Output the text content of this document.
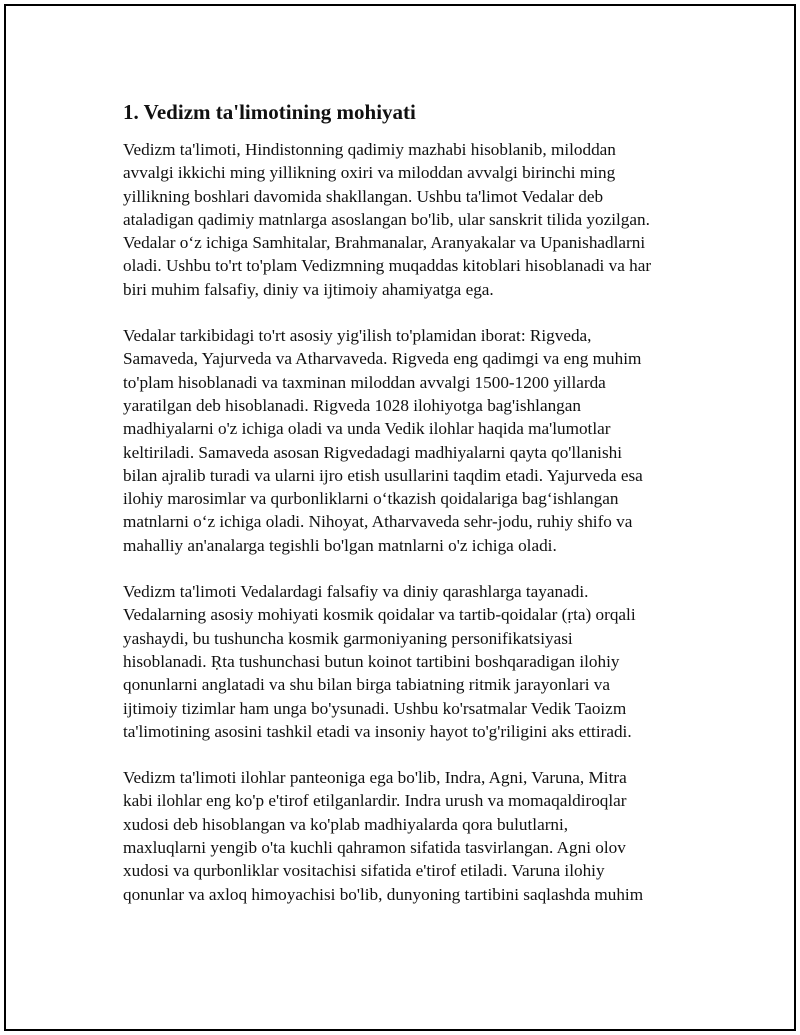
1. Vedizm ta'limotining mohiyati

Vedizm ta'limoti, Hindistonning qadimiy mazhabi hisoblanib, miloddan
avvalgi ikkichi ming yillikning oxiri va miloddan avvalgi birinchi ming
yillikning boshlari davomida shakllangan. Ushbu ta'limot Vedalar deb
ataladigan qadimiy matnlarga asoslangan bo'lib, ular sanskrit tilida yozilgan.
Vedalar o‘z ichiga Samhitalar, Brahmanalar, Aranyakalar va Upanishadlarni
oladi. Ushbu to'rt to'plam Vedizmning muqaddas kitoblari hisoblanadi va har
biri muhim falsafiy, diniy va ijtimoiy ahamiyatga ega.

Vedalar tarkibidagi to'rt asosiy yig'ilish to'plamidan iborat: Rigveda,
Samaveda, Yajurveda va Atharvaveda. Rigveda eng qadimgi va eng muhim
to'plam hisoblanadi va taxminan miloddan avvalgi 1500-1200 yillarda
yaratilgan deb hisoblanadi. Rigveda 1028 ilohiyotga bag'ishlangan
madhiyalarni o'z ichiga oladi va unda Vedik ilohlar haqida ma'lumotlar
keltiriladi. Samaveda asosan Rigvedadagi madhiyalarni qayta qo'llanishi
bilan ajralib turadi va ularni ijro etish usullarini taqdim etadi. Yajurveda esa
ilohiy marosimlar va qurbonliklarni o‘tkazish qoidalariga bag‘ishlangan
matnlarni o‘z ichiga oladi. Nihoyat, Atharvaveda sehr-jodu, ruhiy shifo va
mahalliy an'analarga tegishli bo'lgan matnlarni o'z ichiga oladi.

Vedizm ta'limoti Vedalardagi falsafiy va diniy qarashlarga tayanadi.
Vedalarning asosiy mohiyati kosmik qoidalar va tartib-qoidalar (ṛta) orqali
yashaydi, bu tushuncha kosmik garmoniyaning personifikatsiyasi
hisoblanadi. Ṛta tushunchasi butun koinot tartibini boshqaradigan ilohiy
qonunlarni anglatadi va shu bilan birga tabiatning ritmik jarayonlari va
ijtimoiy tizimlar ham unga bo'ysunadi. Ushbu ko'rsatmalar Vedik Taoizm
ta'limotining asosini tashkil etadi va insoniy hayot to'g'riligini aks ettiradi.

Vedizm ta'limoti ilohlar panteoniga ega bo'lib, Indra, Agni, Varuna, Mitra
kabi ilohlar eng ko'p e'tirof etilganlardir. Indra urush va momaqaldiroqlar
xudosi deb hisoblangan va ko'plab madhiyalarda qora bulutlarni,
maxluqlarni yengib o'ta kuchli qahramon sifatida tasvirlangan. Agni olov
xudosi va qurbonliklar vositachisi sifatida e'tirof etiladi. Varuna ilohiy
qonunlar va axloq himoyachisi bo'lib, dunyoning tartibini saqlashda muhim
